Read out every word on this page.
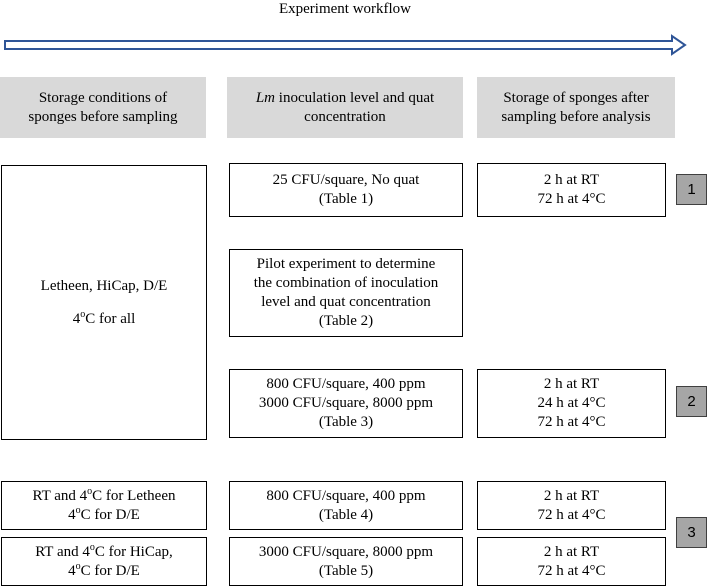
Experiment workflow
Storage conditions of
sponges before sampling
Lm inoculation level and quat
concentration
Storage of sponges after
sampling before analysis
Letheen, HiCap, D/E
4$^o$C for all
RT and 4$^o$C for Letheen
4$^o$C for D/E
RT and 4$^o$C for HiCap,
4$^o$C for D/E
25 CFU/square, No quat
(Table 1)
Pilot experiment to determine
the combination of inoculation
level and quat concentration
(Table 2)
800 CFU/square, 400 ppm
3000 CFU/square, 8000 ppm
(Table 3)
800 CFU/square, 400 ppm
(Table 4)
3000 CFU/square, 8000 ppm
(Table 5)
2 h at RT
72 h at 4°C
2 h at RT
24 h at 4°C
72 h at 4°C
2 h at RT
72 h at 4°C
2 h at RT
72 h at 4°C
1
2
3
